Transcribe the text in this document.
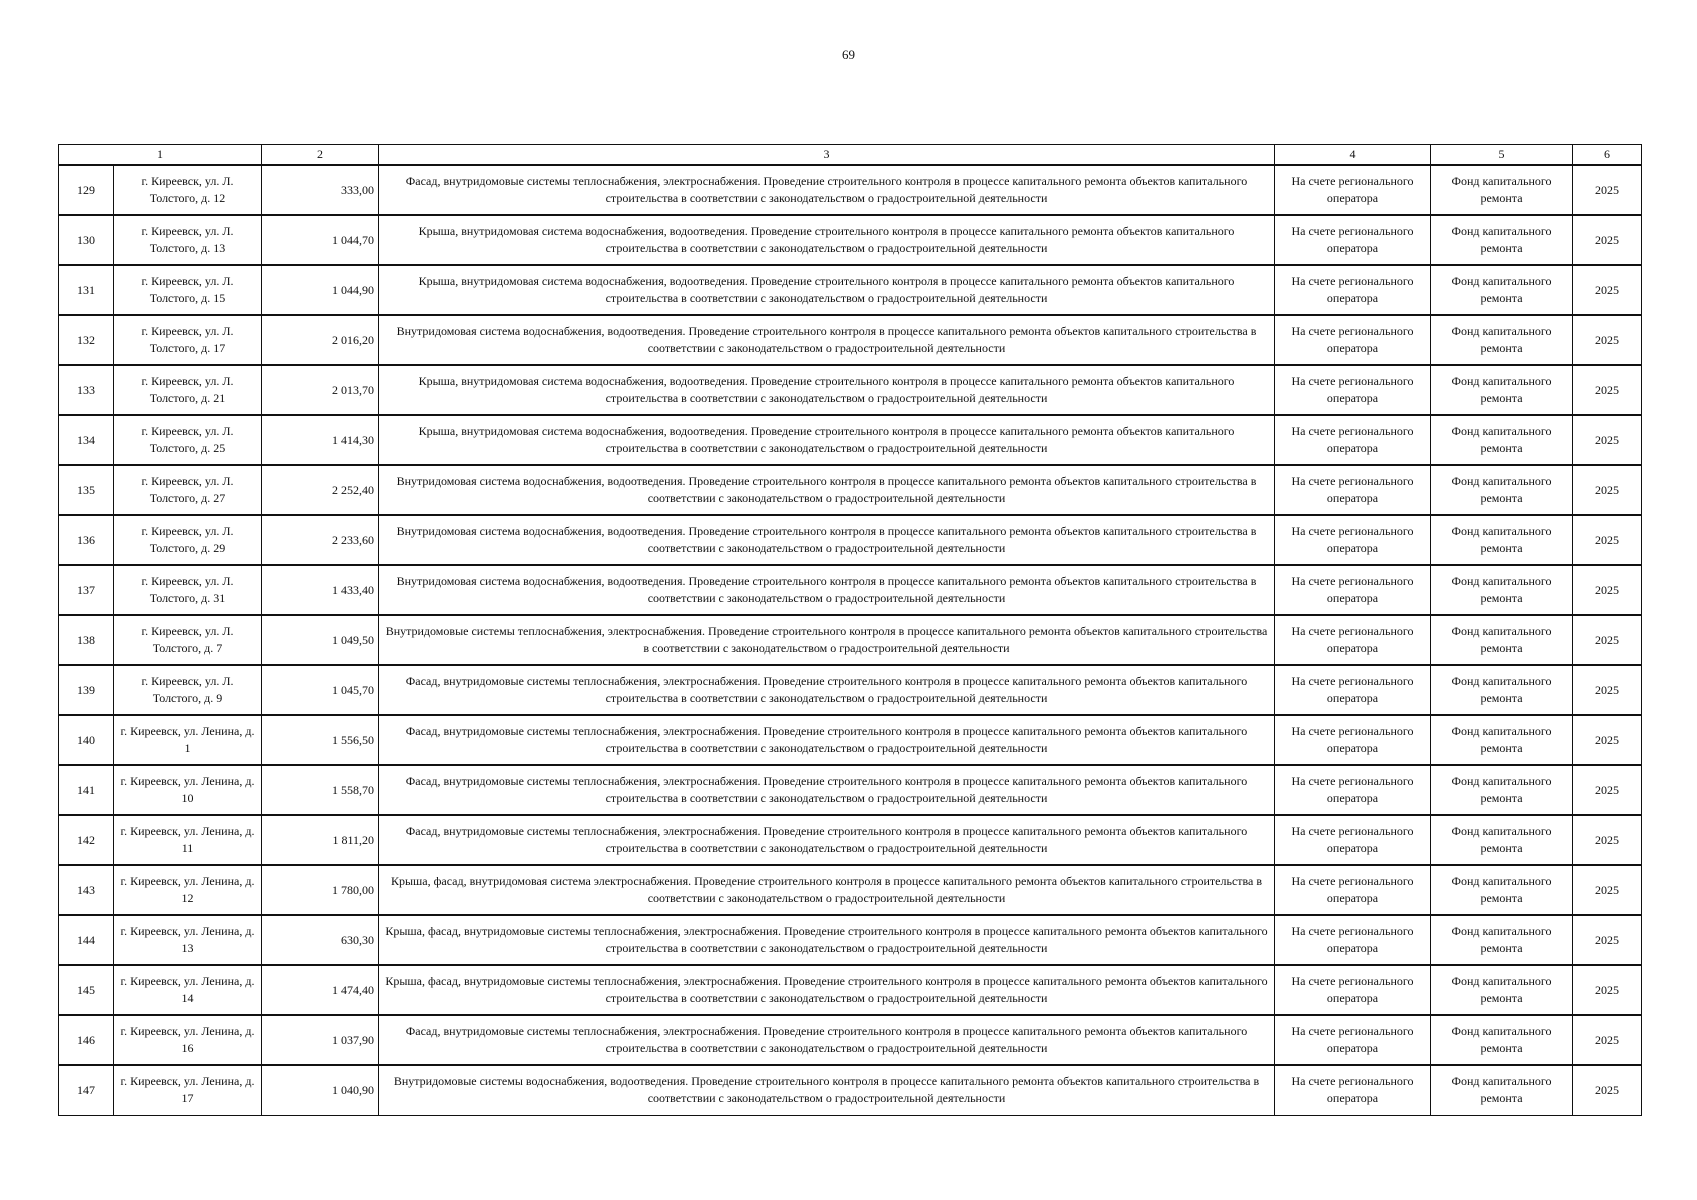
69
1		2	3	4	5	6
129	г. Киреевск, ул. Л. Толстого, д. 12	333,00	Фасад, внутридомовые системы теплоснабжения, электроснабжения. Проведение строительного контроля в процессе капитального ремонта объектов капитального строительства в соответствии с законодательством о градостроительной деятельности	На счете регионального оператора	Фонд капитального ремонта	2025
130	г. Киреевск, ул. Л. Толстого, д. 13	1 044,70	Крыша, внутридомовая система водоснабжения, водоотведения. Проведение строительного контроля в процессе капитального ремонта объектов капитального строительства в соответствии с законодательством о градостроительной деятельности	На счете регионального оператора	Фонд капитального ремонта	2025
131	г. Киреевск, ул. Л. Толстого, д. 15	1 044,90	Крыша, внутридомовая система водоснабжения, водоотведения. Проведение строительного контроля в процессе капитального ремонта объектов капитального строительства в соответствии с законодательством о градостроительной деятельности	На счете регионального оператора	Фонд капитального ремонта	2025
132	г. Киреевск, ул. Л. Толстого, д. 17	2 016,20	Внутридомовая система водоснабжения, водоотведения. Проведение строительного контроля в процессе капитального ремонта объектов капитального строительства в соответствии с законодательством о градостроительной деятельности	На счете регионального оператора	Фонд капитального ремонта	2025
133	г. Киреевск, ул. Л. Толстого, д. 21	2 013,70	Крыша, внутридомовая система водоснабжения, водоотведения. Проведение строительного контроля в процессе капитального ремонта объектов капитального строительства в соответствии с законодательством о градостроительной деятельности	На счете регионального оператора	Фонд капитального ремонта	2025
134	г. Киреевск, ул. Л. Толстого, д. 25	1 414,30	Крыша, внутридомовая система водоснабжения, водоотведения. Проведение строительного контроля в процессе капитального ремонта объектов капитального строительства в соответствии с законодательством о градостроительной деятельности	На счете регионального оператора	Фонд капитального ремонта	2025
135	г. Киреевск, ул. Л. Толстого, д. 27	2 252,40	Внутридомовая система водоснабжения, водоотведения. Проведение строительного контроля в процессе капитального ремонта объектов капитального строительства в соответствии с законодательством о градостроительной деятельности	На счете регионального оператора	Фонд капитального ремонта	2025
136	г. Киреевск, ул. Л. Толстого, д. 29	2 233,60	Внутридомовая система водоснабжения, водоотведения. Проведение строительного контроля в процессе капитального ремонта объектов капитального строительства в соответствии с законодательством о градостроительной деятельности	На счете регионального оператора	Фонд капитального ремонта	2025
137	г. Киреевск, ул. Л. Толстого, д. 31	1 433,40	Внутридомовая система водоснабжения, водоотведения. Проведение строительного контроля в процессе капитального ремонта объектов капитального строительства в соответствии с законодательством о градостроительной деятельности	На счете регионального оператора	Фонд капитального ремонта	2025
138	г. Киреевск, ул. Л. Толстого, д. 7	1 049,50	Внутридомовые системы теплоснабжения, электроснабжения. Проведение строительного контроля в процессе капитального ремонта объектов капитального строительства в соответствии с законодательством о градостроительной деятельности	На счете регионального оператора	Фонд капитального ремонта	2025
139	г. Киреевск, ул. Л. Толстого, д. 9	1 045,70	Фасад, внутридомовые системы теплоснабжения, электроснабжения. Проведение строительного контроля в процессе капитального ремонта объектов капитального строительства в соответствии с законодательством о градостроительной деятельности	На счете регионального оператора	Фонд капитального ремонта	2025
140	г. Киреевск, ул. Ленина, д. 1	1 556,50	Фасад, внутридомовые системы теплоснабжения, электроснабжения. Проведение строительного контроля в процессе капитального ремонта объектов капитального строительства в соответствии с законодательством о градостроительной деятельности	На счете регионального оператора	Фонд капитального ремонта	2025
141	г. Киреевск, ул. Ленина, д. 10	1 558,70	Фасад, внутридомовые системы теплоснабжения, электроснабжения. Проведение строительного контроля в процессе капитального ремонта объектов капитального строительства в соответствии с законодательством о градостроительной деятельности	На счете регионального оператора	Фонд капитального ремонта	2025
142	г. Киреевск, ул. Ленина, д. 11	1 811,20	Фасад, внутридомовые системы теплоснабжения, электроснабжения. Проведение строительного контроля в процессе капитального ремонта объектов капитального строительства в соответствии с законодательством о градостроительной деятельности	На счете регионального оператора	Фонд капитального ремонта	2025
143	г. Киреевск, ул. Ленина, д. 12	1 780,00	Крыша, фасад, внутридомовая система электроснабжения. Проведение строительного контроля в процессе капитального ремонта объектов капитального строительства в соответствии с законодательством о градостроительной деятельности	На счете регионального оператора	Фонд капитального ремонта	2025
144	г. Киреевск, ул. Ленина, д. 13	630,30	Крыша, фасад, внутридомовые системы теплоснабжения, электроснабжения. Проведение строительного контроля в процессе капитального ремонта объектов капитального строительства в соответствии с законодательством о градостроительной деятельности	На счете регионального оператора	Фонд капитального ремонта	2025
145	г. Киреевск, ул. Ленина, д. 14	1 474,40	Крыша, фасад, внутридомовые системы теплоснабжения, электроснабжения. Проведение строительного контроля в процессе капитального ремонта объектов капитального строительства в соответствии с законодательством о градостроительной деятельности	На счете регионального оператора	Фонд капитального ремонта	2025
146	г. Киреевск, ул. Ленина, д. 16	1 037,90	Фасад, внутридомовые системы теплоснабжения, электроснабжения. Проведение строительного контроля в процессе капитального ремонта объектов капитального строительства в соответствии с законодательством о градостроительной деятельности	На счете регионального оператора	Фонд капитального ремонта	2025
147	г. Киреевск, ул. Ленина, д. 17	1 040,90	Внутридомовые системы водоснабжения, водоотведения. Проведение строительного контроля в процессе капитального ремонта объектов капитального строительства в соответствии с законодательством о градостроительной деятельности	На счете регионального оператора	Фонд капитального ремонта	2025
